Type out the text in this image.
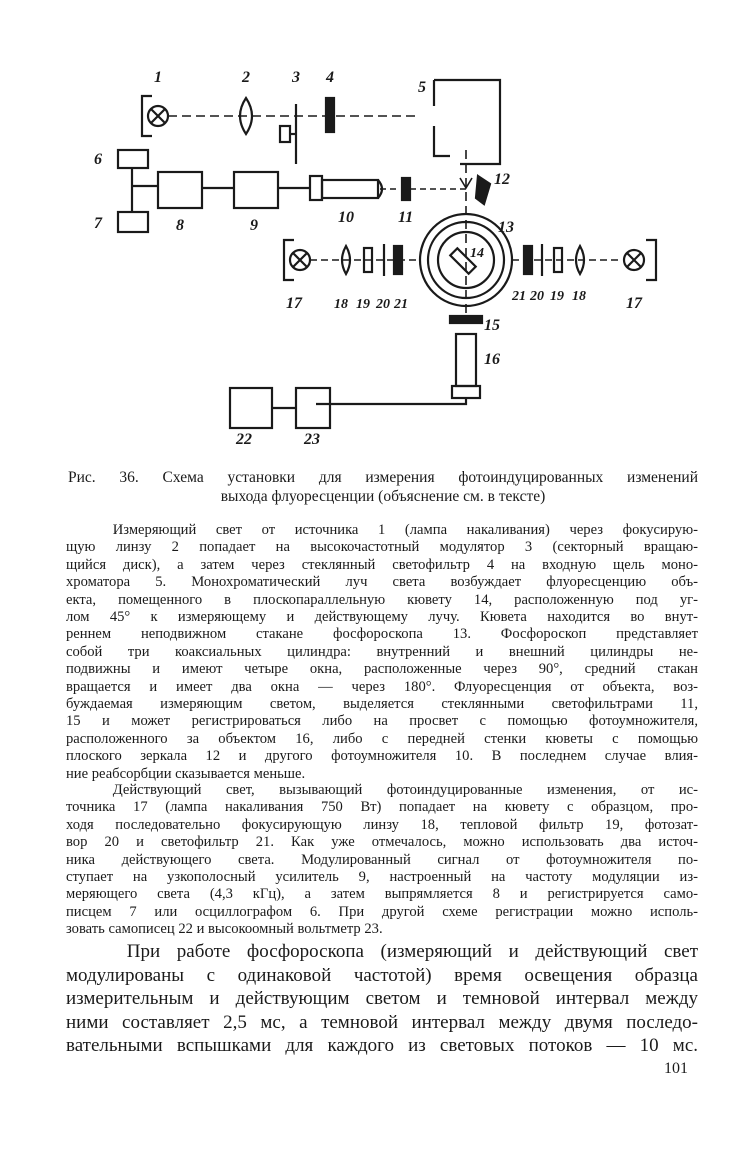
1	2	3 4
5
6
7	8	9	10	11
12
13
14
15
16
17 18 19 20 21
21 20 19 18	17
22	23
Рис. 36. Схема установки для измерения фотоиндуцированных изменений
выхода флуоресценции (объяснение см. в тексте)
Измеряющий свет от источника 1 (лампа накаливания) через фокусирую-
щую линзу 2 попадает на высокочастотный модулятор 3 (секторный вращаю-
щийся диск), а затем через стеклянный светофильтр 4 на входную щель моно-
хроматора 5. Монохроматический луч света возбуждает флуоресценцию объ-
екта, помещенного в плоскопараллельную кювету 14, расположенную под уг-
лом 45° к измеряющему и действующему лучу. Кювета находится во внут-
реннем неподвижном стакане фосфороскопа 13. Фосфороскоп представляет
собой три коаксиальных цилиндра: внутренний и внешний цилиндры не-
подвижны и имеют четыре окна, расположенные через 90°, средний стакан
вращается и имеет два окна — через 180°. Флуоресценция от объекта, воз-
буждаемая измеряющим светом, выделяется стеклянными светофильтрами 11,
15 и может регистрироваться либо на просвет с помощью фотоумножителя,
расположенного за объектом 16, либо с передней стенки кюветы с помощью
плоского зеркала 12 и другого фотоумножителя 10. В последнем случае влия-
ние реабсорбции сказывается меньше.
Действующий свет, вызывающий фотоиндуцированные изменения, от ис-
точника 17 (лампа накаливания 750 Вт) попадает на кювету с образцом, про-
ходя последовательно фокусирующую линзу 18, тепловой фильтр 19, фотозат-
вор 20 и светофильтр 21. Как уже отмечалось, можно использовать два источ-
ника действующего света. Модулированный сигнал от фотоумножителя по-
ступает на узкополосный усилитель 9, настроенный на частоту модуляции из-
меряющего света (4,3 кГц), а затем выпрямляется 8 и регистрируется само-
писцем 7 или осциллографом 6. При другой схеме регистрации можно исполь-
зовать самописец 22 и высокоомный вольтметр 23.
При работе фосфороскопа (измеряющий и действующий свет
модулированы с одинаковой частотой) время освещения образца
измерительным и действующим светом и темновой интервал между
ними составляет 2,5 мс, а темновой интервал между двумя последо-
вательными вспышками для каждого из световых потоков — 10 мс.
101
